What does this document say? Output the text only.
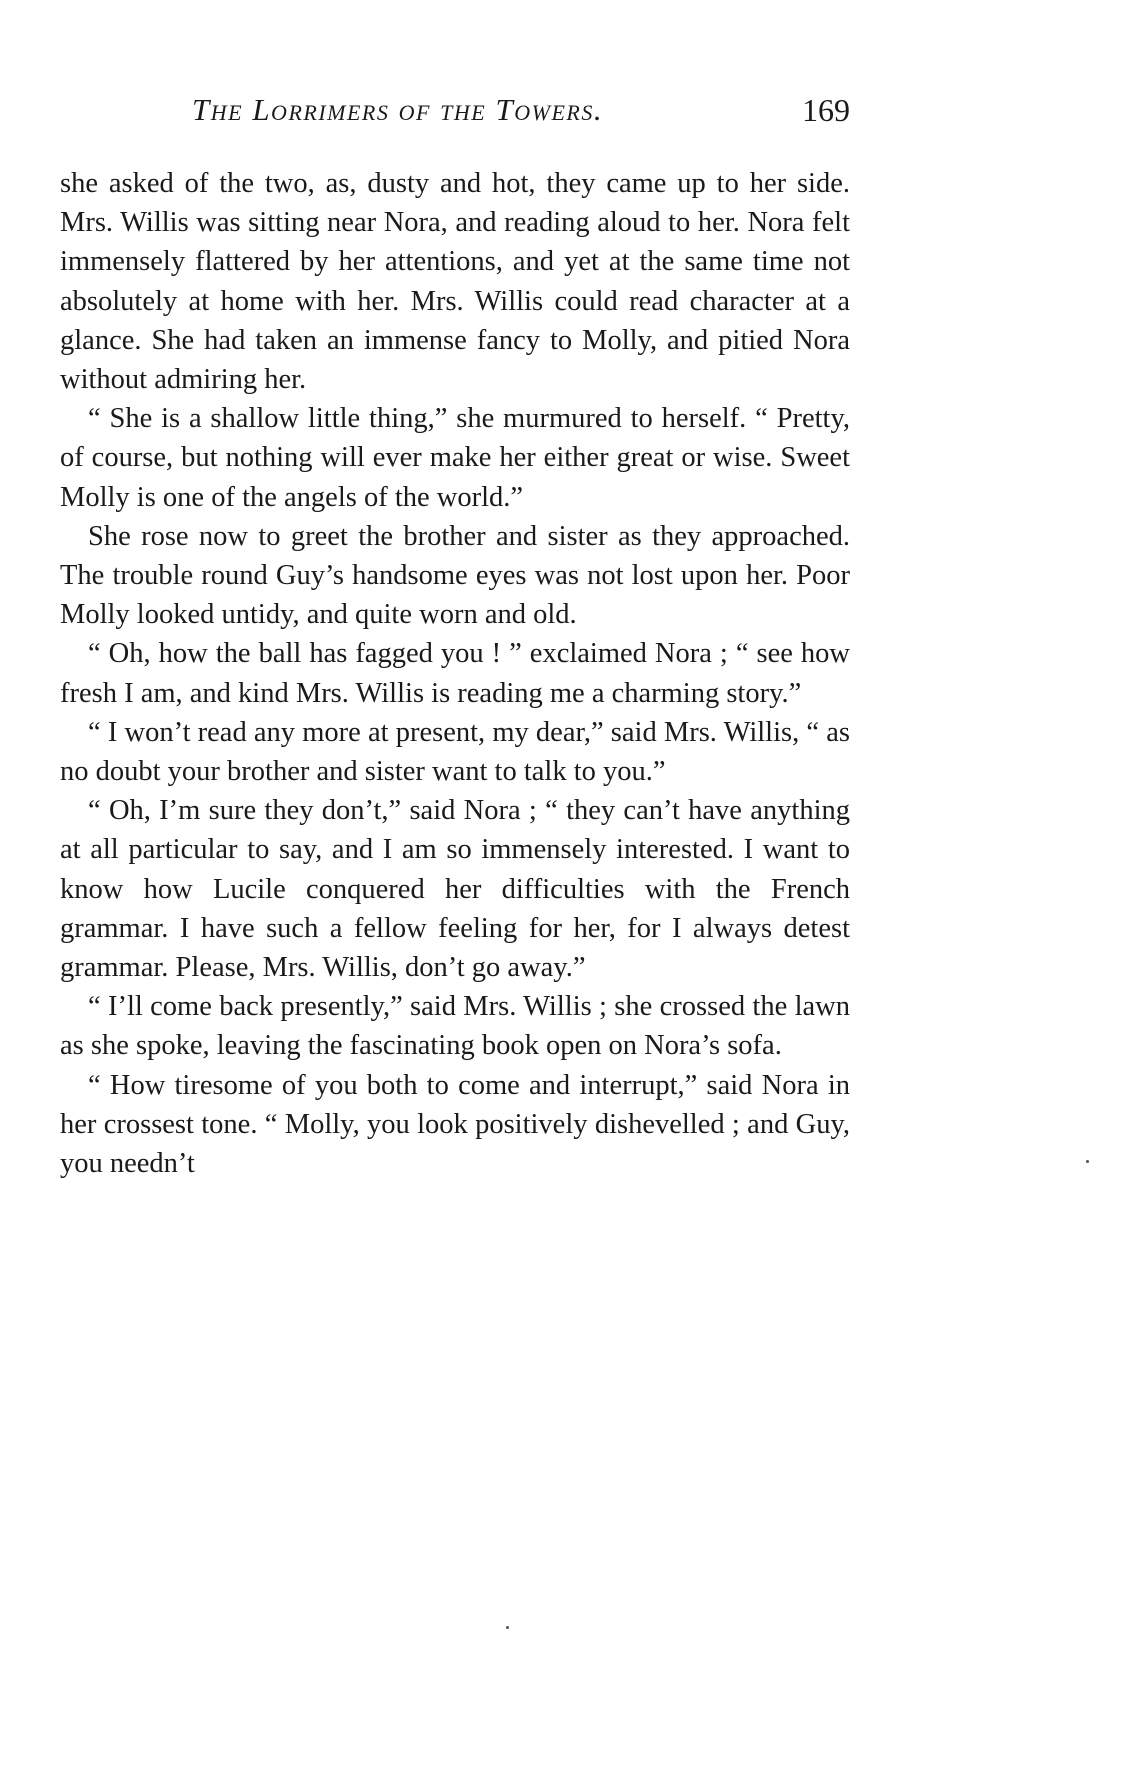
The Lorrimers of the Towers.	169

she asked of the two, as, dusty and hot, they came up to her side. Mrs. Willis was sitting near Nora, and reading aloud to her. Nora felt immensely flattered by her attentions, and yet at the same time not absolutely at home with her. Mrs. Willis could read character at a glance. She had taken an immense fancy to Molly, and pitied Nora without admiring her.

“ She is a shallow little thing,” she murmured to herself. “ Pretty, of course, but nothing will ever make her either great or wise. Sweet Molly is one of the angels of the world.”

She rose now to greet the brother and sister as they approached. The trouble round Guy’s handsome eyes was not lost upon her. Poor Molly looked untidy, and quite worn and old.

“ Oh, how the ball has fagged you ! ” exclaimed Nora ; “ see how fresh I am, and kind Mrs. Willis is reading me a charming story.”

“ I won’t read any more at present, my dear,” said Mrs. Willis, “ as no doubt your brother and sister want to talk to you.”

“ Oh, I’m sure they don’t,” said Nora ; “ they can’t have anything at all particular to say, and I am so immensely interested. I want to know how Lucile conquered her difficulties with the French grammar. I have such a fellow feeling for her, for I always detest grammar. Please, Mrs. Willis, don’t go away.”

“ I’ll come back presently,” said Mrs. Willis ; she crossed the lawn as she spoke, leaving the fascinating book open on Nora’s sofa.

“ How tiresome of you both to come and interrupt,” said Nora in her crossest tone. “ Molly, you look positively dishevelled ; and Guy, you needn’t
